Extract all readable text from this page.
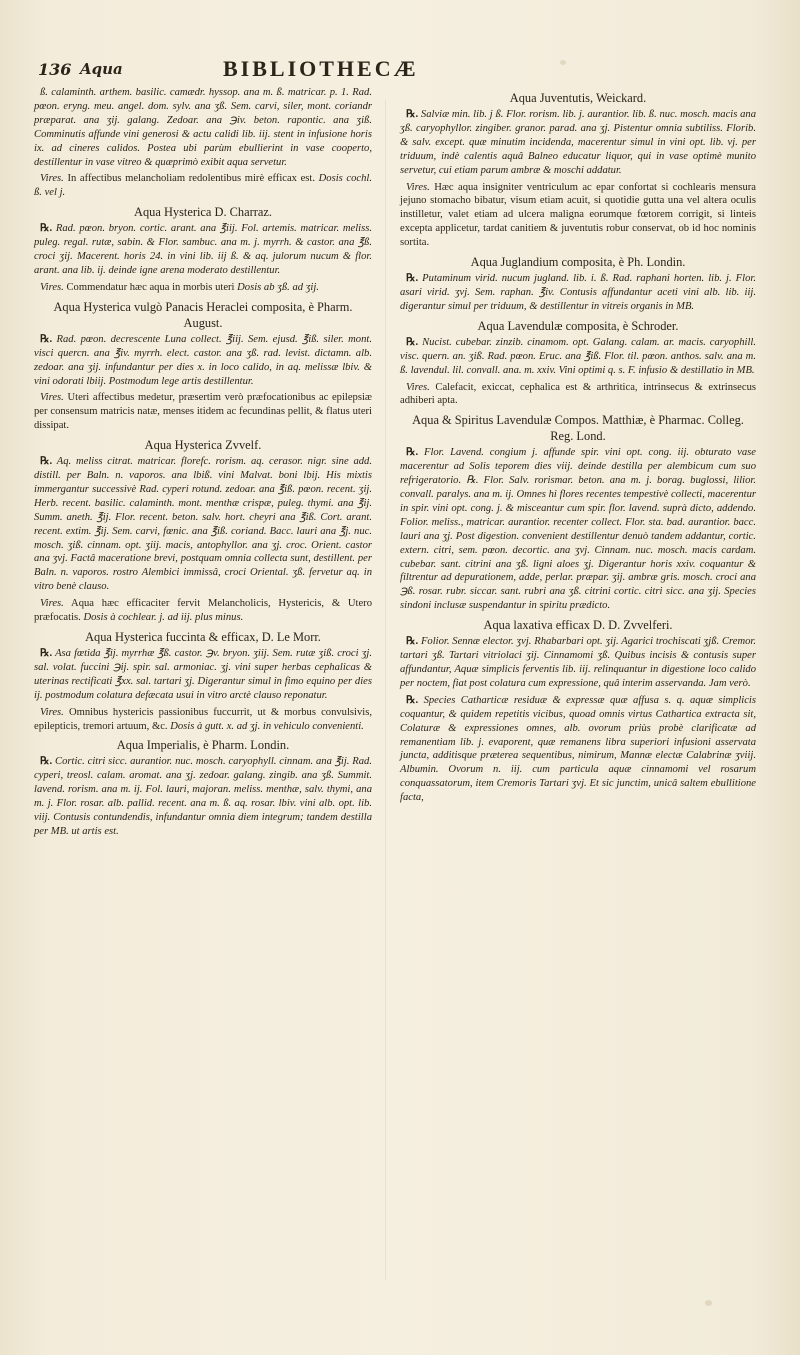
136 Aqua	BIBLIOTHECÆ
ß. calaminth. arthem. basilic. camædr. hyssop. ana m. ß. matricar. p. 1. Rad. pœon. eryng. meu. angel. dom. sylv. ana ʒß. Sem. carvi, siler, mont. coriandr præparat. ana ʒij. galang. Zedoar. ana ℈iv. beton. rapontic. ana ʒiß. Comminutis affunde vini generosi & actu calidi lib. iij. stent in infusione horis ix. ad cineres calidos. Postea ubi parùm ebullierint in vase cooperto, destillentur in vase vitreo & quæprimò exibit aqua servetur.
Vires. In affectibus melancholiam redolentibus mirè efficax est. Dosis cochl. ß. vel j.
Aqua Hysterica D. Charraz.
℞. Rad. pœon. bryon. cortic. arant. ana ℥iij. Fol. artemis. matricar. meliss. puleg. regal. rutæ, sabin. & Flor. sambuc. ana m. j. myrrh. & castor. ana ℥ß. croci ʒij. Macerent. horis 24. in vini lib. iij ß. & aq. julorum nucum & flor. arant. ana lib. ij. deinde igne arena moderato destillentur.
Vires. Commendatur hæc aqua in morbis uteri Dosis ab ʒß. ad ʒij.
Aqua Hysterica vulgò Panacis Heraclei composita, è Pharm. August.
℞. Rad. pœon. decrescente Luna collect. ℥iij. Sem. ejusd. ℥iß. siler. mont. visci quercn. ana ℥iv. myrrh. elect. castor. ana ʒß. rad. levist. dictamn. alb. zedoar. ana ʒij. infundantur per dies x. in loco calido, in aq. melissæ lbiv. & vini odorati lbiij. Postmodum lege artis destillentur.
Vires. Uteri affectibus medetur, præsertim verò præfocationibus ac epilepsiæ per consensum matricis natæ, menses itidem ac fecundinas pellit, & flatus uteri dissipat.
Aqua Hysterica Zvvelf.
℞. Aq. meliss citrat. matricar. florefc. rorism. aq. cerasor. nigr. sine add. distill. per Baln. n. vaporos. ana lbiß. vini Malvat. boni lbij. His mixtis immergantur successivè Rad. cyperi rotund. zedoar. ana ℥iß. pœon. recent. ʒij. Herb. recent. basilic. calaminth. mont. menthæ crispæ, puleg. thymi. ana ℥ij. Summ. aneth. ℥ij. Flor. recent. beton. salv. hort. cheyri ana ℥iß. Cort. arant. recent. extim. ℥ij. Sem. carvi, fœnic. ana ℥iß. coriand. Bacc. lauri ana ℥j. nuc. mosch. ʒiß. cinnam. opt. ʒiij. macis, antophyllor. ana ʒj. croc. Orient. castor ana ʒvj. Factâ maceratione brevi, postquam omnia collecta sunt, destillent. per Baln. n. vaporos. rostro Alembici immissâ, croci Oriental. ʒß. fervetur aq. in vitro benè clauso.
Vires. Aqua hæc efficaciter fervit Melancholicis, Hystericis, & Utero præfocatis. Dosis à cochlear. j. ad iij. plus minus.
Aqua Hysterica fuccinta & efficax, D. Le Morr.
℞. Asa fœtida ℥ij. myrrhæ ℥ß. castor. ℈v. bryon. ʒiij. Sem. rutæ ʒiß. croci ʒj. sal. volat. fuccini ℈ij. spir. sal. armoniac. ʒj. vini super herbas cephalicas & uterinas rectificati ℥xx. sal. tartari ʒj. Digerantur simul in fimo equino per dies ij. postmodum colatura defæcata usui in vitro arctè clauso reponatur.
Vires. Omnibus hystericis passionibus fuccurrit, ut & morbus convulsivis, epilepticis, tremori artuum, &c. Dosis à gutt. x. ad ʒj. in vehiculo convenienti.
Aqua Imperialis, è Pharm. Londin.
℞. Cortic. citri sicc. aurantior. nuc. mosch. caryophyll. cinnam. ana ℥ij. Rad. cyperi, treosl. calam. aromat. ana ʒj. zedoar. galang. zingib. ana ʒß. Summit. lavend. rorism. ana m. ij. Fol. lauri, majoran. meliss. menthæ, salv. thymi, ana m. j. Flor. rosar. alb. pallid. recent. ana m. ß. aq. rosar. lbiv. vini alb. opt. lib. viij. Contusis contundendis, infundantur omnia diem integrum; tandem destilla per MB. ut artis est.
Aqua Juventutis, Weickard.
℞. Salviæ min. lib. j ß. Flor. rorism. lib. j. aurantior. lib. ß. nuc. mosch. macis ana ʒß. caryophyllor. zingiber. granor. parad. ana ʒj. Pistentur omnia subtiliss. Florib. & salv. except. quæ minutim incidenda, macerentur simul in vini opt. lib. vj. per triduum, indè calentis aquâ Balneo educatur liquor, qui in vase optimè munito servetur, cui etiam parum ambræ & moschi addatur.
Vires. Hæc aqua insigniter ventriculum ac epar confortat si cochlearis mensura jejuno stomacho bibatur, visum etiam acuit, si quotidie gutta una vel altera oculis instilletur, valet etiam ad ulcera maligna eorumque fœtorem corrigit, si linteis excepta applicetur, tardat canitiem & juventutis robur conservat, ob id hoc nominis sortita.
Aqua Juglandium composita, è Ph. Londin.
℞. Putaminum virid. nucum jugland. lib. i. ß. Rad. raphani horten. lib. j. Flor. asari virid. ʒvj. Sem. raphan. ℥iv. Contusis affundantur aceti vini alb. lib. iij. digerantur simul per triduum, & destillentur in vitreis organis in MB.
Aqua Lavendulæ composita, è Schroder.
℞. Nucist. cubebar. zinzib. cinamom. opt. Galang. calam. ar. macis. caryophill. visc. quern. an. ʒiß. Rad. pœon. Eruc. ana ℥iß. Flor. til. pœon. anthos. salv. ana m. ß. lavendul. lil. convall. ana. m. xxiv. Vini optimi q. s. F. infusio & destillatio in MB.
Vires. Calefacit, exiccat, cephalica est & arthritica, intrinsecus & extrinsecus adhiberi apta.
Aqua & Spiritus Lavendulæ Compos. Matthiæ, è Pharmac. Colleg. Reg. Lond.
℞. Flor. Lavend. congium j. affunde spir. vini opt. cong. iij. obturato vase macerentur ad Solis teporem dies viij. deinde destilla per alembicum cum suo refrigeratorio. ℞. Flor. Salv. rorismar. beton. ana m. j. borag. buglossi, lilior. convall. paralys. ana m. ij. Omnes hi flores recentes tempestivè collecti, macerentur in spir. vini opt. cong. j. & misceantur cum spir. flor. lavend. suprà dicto, addendo. Folior. meliss., matricar. aurantior. recenter collect. Flor. sta. bad. aurantior. bacc. lauri ana ʒj. Post digestion. convenient destillentur denuò tandem addantur, cortic. extern. citri, sem. pœon. decortic. ana ʒvj. Cinnam. nuc. mosch. macis cardam. cubebar. sant. citrini ana ʒß. ligni aloes ʒj. Digerantur horis xxiv. coquantur & filtrentur ad depurationem, adde, perlar. præpar. ʒij. ambræ gris. mosch. croci ana ℈ß. rosar. rubr. siccar. sant. rubri ana ʒß. citrini cortic. citri sicc. ana ʒij. Species sindoni inclusæ suspendantur in spiritu prædicto.
Aqua laxativa efficax D. D. Zvvelferi.
℞. Folior. Sennæ elector. ʒvj. Rhabarbari opt. ʒij. Agarici trochiscati ʒjß. Cremor. tartari ʒß. Tartari vitriolaci ʒij. Cinnamomi ʒß. Quibus incisis & contusis super affundantur, Aquæ simplicis ferventis lib. iij. relinquantur in digestione loco calido per noctem, fiat post colatura cum expressione, quâ interim asservanda. Jam verò.
℞. Species Catharticæ residuæ & expressæ quæ affusa s. q. aquæ simplicis coquantur, & quidem repetitis vicibus, quoad omnis virtus Cathartica extracta sit, Colaturæ & expressiones omnes, alb. ovorum priùs probè clarificatæ ad remanentiam lib. j. evaporent, quæ remanens libra superiori infusioni asservata juncta, additisque præterea sequentibus, nimirum, Mannæ electæ Calabrinæ ʒviij. Albumin. Ovorum n. iij. cum particula aquæ cinnamomi vel rosarum conquassatorum, item Cremoris Tartari ʒvj. Et sic junctim, unicâ saltem ebullitione facta,
